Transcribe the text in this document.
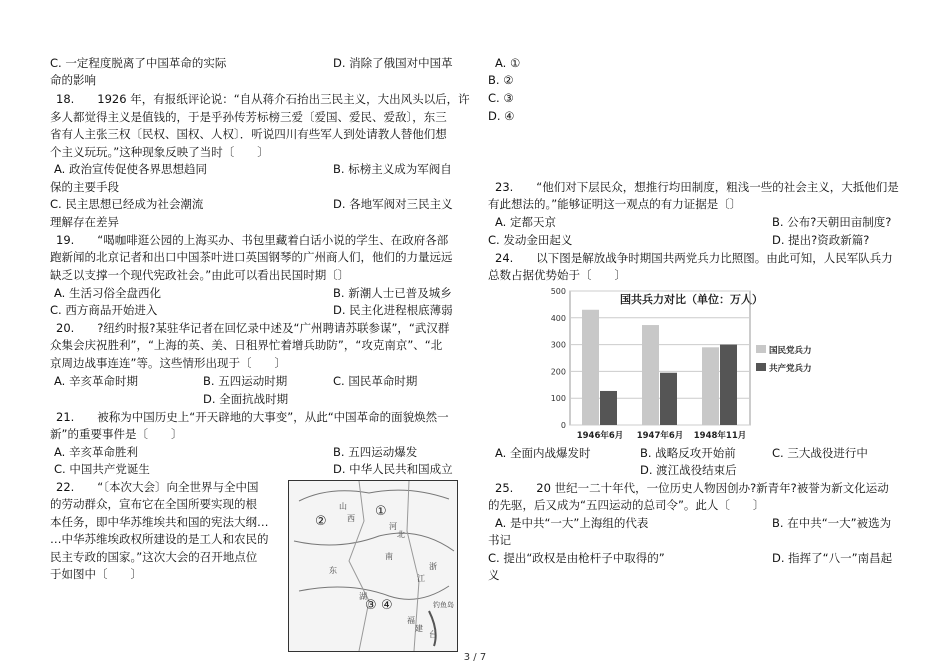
C. 一定程度脱离了中国革命的实际	D. 消除了俄国对中国革
命的影响
18.　　1926 年，有报纸评论说：“自从蒋介石抬出三民主义，大出风头以后，许
多人都觉得主义是值钱的，于是乎孙传芳标榜三爱〔爱国、爱民、爱敌〕，东三
省有人主张三权〔民权、国权、人权〕．听说四川有些军人到处请教人替他们想
个主义玩玩。”这种现象反映了当时〔　　〕
A. 政治宣传促使各界思想趋同	B. 标榜主义成为军阀自
保的主要手段
C. 民主思想已经成为社会潮流	D. 各地军阀对三民主义
理解存在差异
19.　　“喝咖啡逛公园的上海买办、书包里藏着白话小说的学生、在政府各部
跑新闻的北京记者和出口中国茶叶进口英国钢琴的广州商人们，他们的力量远远
缺乏以支撑一个现代宪政社会。”由此可以看出民国时期〔〕
A. 生活习俗全盘西化	B. 新潮人士已普及城乡
C. 西方商品开始进入	D. 民主化进程根底薄弱
20.　　?纽约时报?某驻华记者在回忆录中述及“广州聘请苏联参谋”，“武汉群
众集会庆祝胜利”，“上海的英、美、日租界忙着增兵助防”，“攻克南京”、“北
京周边战事连连”等。这些情形出现于〔　　〕
A. 辛亥革命时期	B. 五四运动时期	C. 国民革命时期
D. 全面抗战时期
21.　　被称为中国历史上“开天辟地的大事变”，从此“中国革命的面貌焕然一
新”的重要事件是〔　　〕
A. 辛亥革命胜利	B. 五四运动爆发
C. 中国共产党诞生	D. 中华人民共和国成立
22.　　“〔本次大会〕向全世界与全中国
的劳动群众，宣布它在全国所要实现的根
本任务，即中华苏维埃共和国的宪法大纲…
…中华苏维埃政权所建设的是工人和农民的
民主专政的国家。”这次大会的召开地点位
于如图中〔　　〕
②
①
③ ④
山
西
河
北
南
湖
东
江
福
建
浙
钓鱼岛
台
A. ①
B. ②
C. ③
D. ④
23.　　“他们对下层民众，想推行均田制度，粗浅一些的社会主义，大抵他们是
有此想法的。”能够证明这一观点的有力证据是〔〕
A. 定都天京	B. 公布?天朝田亩制度?
C. 发动金田起义	D. 提出?资政新篇?
24.　　以下图是解放战争时期国共两党兵力比照图。由此可知，人民军队兵力
总数占据优势始于〔　　〕
国共兵力对比（单位：万人）
0
100
200
300
400
500
1946年6月 1947年6月 1948年11月
国民党兵力
共产党兵力
A. 全面内战爆发时	B. 战略反攻开始前	C. 三大战役进行中
D. 渡江战役结束后
25.　　20 世纪一二十年代，一位历史人物因创办?新青年?被誉为新文化运动
的先驱，后又成为“五四运动的总司令”。此人〔　　〕
A. 是中共“一大”上海组的代表	B. 在中共“一大”被选为
书记
C. 提出“政权是由枪杆子中取得的”	D. 指挥了“八一”南昌起
义
3 / 7
